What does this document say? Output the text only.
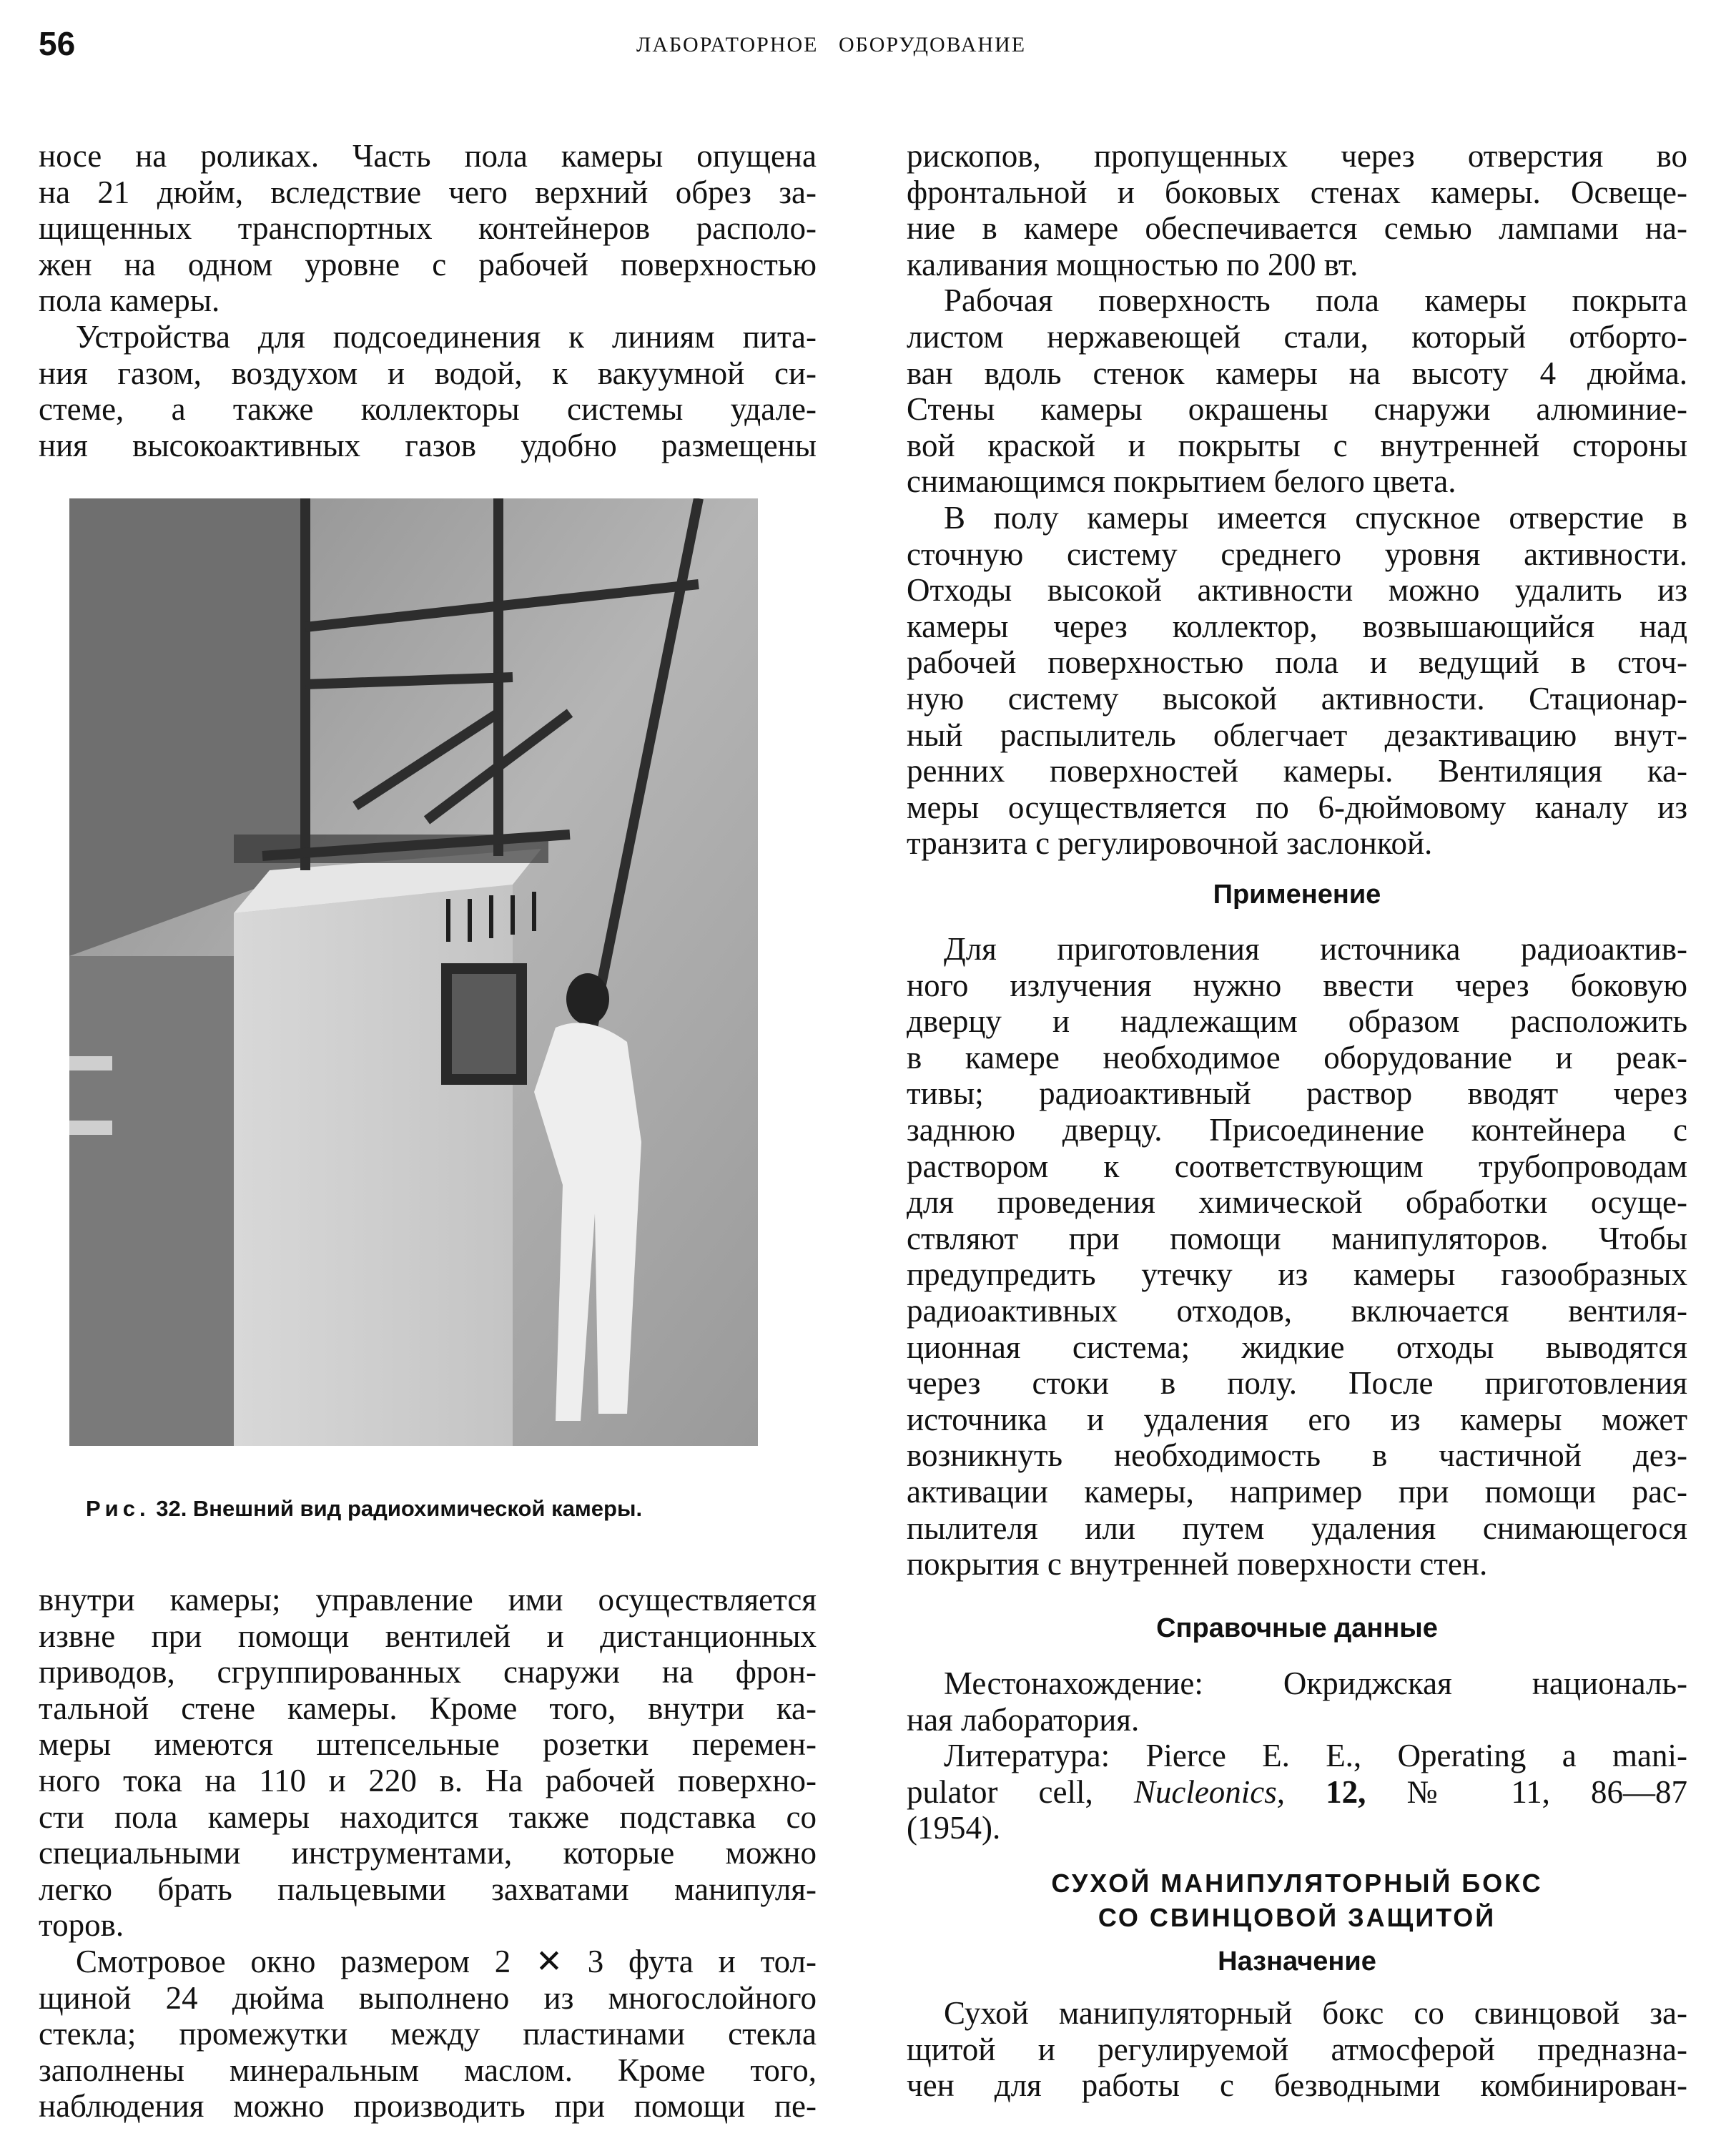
56	ЛАБОРАТОРНОЕ   ОБОРУДОВАНИЕ
носе на роликах. Часть пола камеры опущена
на 21 дюйм, вследствие чего верхний обрез за-
щищенных транспортных контейнеров располо-
жен на одном уровне с рабочей поверхностью
пола камеры.
Устройства для подсоединения к линиям пита-
ния газом, воздухом и водой, к вакуумной си-
стеме, а также коллекторы системы удале-
ния высокоактивных газов удобно размещены
Рис. 32. Внешний вид радиохимической камеры.
внутри камеры; управление ими осуществляется
извне при помощи вентилей и дистанционных
приводов, сгруппированных снаружи на фрон-
тальной стене камеры. Кроме того, внутри ка-
меры имеются штепсельные розетки перемен-
ного тока на 110 и 220 в. На рабочей поверхно-
сти пола камеры находится также подставка со
специальными инструментами, которые можно
легко брать пальцевыми захватами манипуля-
торов.
Смотровое окно размером 2 ✕ 3 фута и тол-
щиной 24 дюйма выполнено из многослойного
стекла; промежутки между пластинами стекла
заполнены минеральным маслом. Кроме того,
наблюдения можно производить при помощи пе-
рископов, пропущенных через отверстия во
фронтальной и боковых стенах камеры. Освеще-
ние в камере обеспечивается семью лампами на-
каливания мощностью по 200 вт.
Рабочая поверхность пола камеры покрыта
листом нержавеющей стали, который отборто-
ван вдоль стенок камеры на высоту 4 дюйма.
Стены камеры окрашены снаружи алюминие-
вой краской и покрыты с внутренней стороны
снимающимся покрытием белого цвета.
В полу камеры имеется спускное отверстие в
сточную систему среднего уровня активности.
Отходы высокой активности можно удалить из
камеры через коллектор, возвышающийся над
рабочей поверхностью пола и ведущий в сточ-
ную систему высокой активности. Стационар-
ный распылитель облегчает дезактивацию внут-
ренних поверхностей камеры. Вентиляция ка-
меры осуществляется по 6-дюймовому каналу из
транзита с регулировочной заслонкой.
Применение
Для приготовления источника радиоактив-
ного излучения нужно ввести через боковую
дверцу и надлежащим образом расположить
в камере необходимое оборудование и реак-
тивы; радиоактивный раствор вводят через
заднюю дверцу. Присоединение контейнера с
раствором к соответствующим трубопроводам
для проведения химической обработки осуще-
ствляют при помощи манипуляторов. Чтобы
предупредить утечку из камеры газообразных
радиоактивных отходов, включается вентиля-
ционная система; жидкие отходы выводятся
через стоки в полу. После приготовления
источника и удаления его из камеры может
возникнуть необходимость в частичной дез-
активации камеры, например при помощи рас-
пылителя или путем удаления снимающегося
покрытия с внутренней поверхности стен.
Справочные данные
Местонахождение: Окриджская националь-
ная лаборатория.
Литература: Pierce E. E., Operating a mani-
pulator cell, Nucleonics, 12, № 11, 86—87
(1954).
СУХОЙ МАНИПУЛЯТОРНЫЙ БОКС
СО СВИНЦОВОЙ ЗАЩИТОЙ
Назначение
Сухой манипуляторный бокс со свинцовой за-
щитой и регулируемой атмосферой предназна-
чен для работы с безводными комбинирован-
